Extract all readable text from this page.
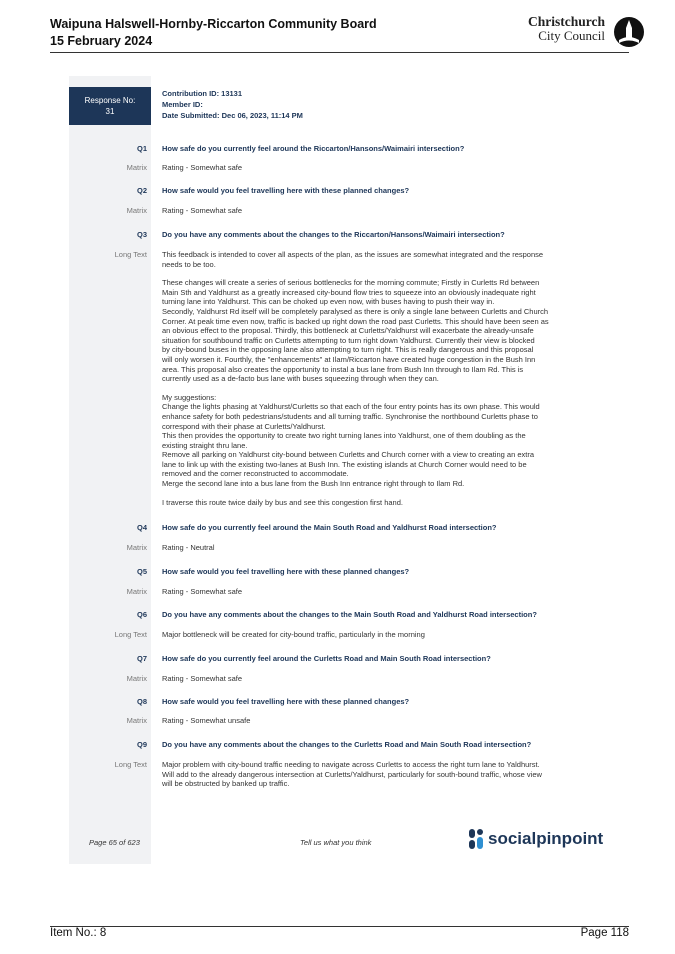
Waipuna Halswell-Hornby-Riccarton Community Board
15 February 2024
Christchurch
City Council
Response No:
31
Contribution ID: 13131
Member ID:
Date Submitted: Dec 06, 2023, 11:14 PM
Q1 How safe do you currently feel around the Riccarton/Hansons/Waimairi intersection?
Matrix Rating - Somewhat safe
Q2 How safe would you feel travelling here with these planned changes?
Matrix Rating - Somewhat safe
Q3 Do you have any comments about the changes to the Riccarton/Hansons/Waimairi intersection?
Long Text This feedback is intended to cover all aspects of the plan, as the issues are somewhat integrated and the response
needs to be too.

These changes will create a series of serious bottlenecks for the morning commute; Firstly in Curletts Rd between
Main Sth and Yaldhurst as a greatly increased city-bound flow tries to squeeze into an obviously inadequate right
turning lane into Yaldhurst. This can be choked up even now, with buses having to push their way in.
Secondly, Yaldhurst Rd itself will be completely paralysed as there is only a single lane between Curletts and Church
Corner. At peak time even now, traffic is backed up right down the road past Curletts. This should have been seen as
an obvious effect to the proposal. Thirdly, this bottleneck at Curletts/Yaldhurst will exacerbate the already-unsafe
situation for southbound traffic on Curletts attempting to turn right down Yaldhurst. Currently their view is blocked
by city-bound buses in the opposing lane also attempting to turn right. This is really dangerous and this proposal
will only worsen it. Fourthly, the "enhancements" at Ilam/Riccarton have created huge congestion in the Bush Inn
area. This proposal also creates the opportunity to instal a bus lane from Bush Inn through to Ilam Rd. This is
currently used as a de-facto bus lane with buses squeezing through when they can.

My suggestions:
Change the lights phasing at Yaldhurst/Curletts so that each of the four entry points has its own phase. This would
enhance safety for both pedestrians/students and all turning traffic. Synchronise the northbound Curletts phase to
correspond with their phase at Curletts/Yaldhurst.
This then provides the opportunity to create two right turning lanes into Yaldhurst, one of them doubling as the
existing straight thru lane.
Remove all parking on Yaldhurst city-bound between Curletts and Church corner with a view to creating an extra
lane to link up with the existing two-lanes at Bush Inn. The existing islands at Church Corner would need to be
removed and the corner reconstructed to accommodate.
Merge the second lane into a bus lane from the Bush Inn entrance right through to Ilam Rd.

I traverse this route twice daily by bus and see this congestion first hand.

Q4 How safe do you currently feel around the Main South Road and Yaldhurst Road intersection?
Matrix Rating - Neutral
Q5 How safe would you feel travelling here with these planned changes?
Matrix Rating - Somewhat safe
Q6 Do you have any comments about the changes to the Main South Road and Yaldhurst Road intersection?
Long Text Major bottleneck will be created for city-bound traffic, particularly in the morning
Q7 How safe do you currently feel around the Curletts Road and Main South Road intersection?
Matrix Rating - Somewhat safe
Q8 How safe would you feel travelling here with these planned changes?
Matrix Rating - Somewhat unsafe
Q9 Do you have any comments about the changes to the Curletts Road and Main South Road intersection?
Long Text Major problem with city-bound traffic needing to navigate across Curletts to access the right turn lane to Yaldhurst.
Will add to the already dangerous intersection at Curletts/Yaldhurst, particularly for south-bound traffic, whose view
will be obstructed by banked up traffic.

Page 65 of 623	Tell us what you think	socialpinpoint
Item No.: 8	Page 118
